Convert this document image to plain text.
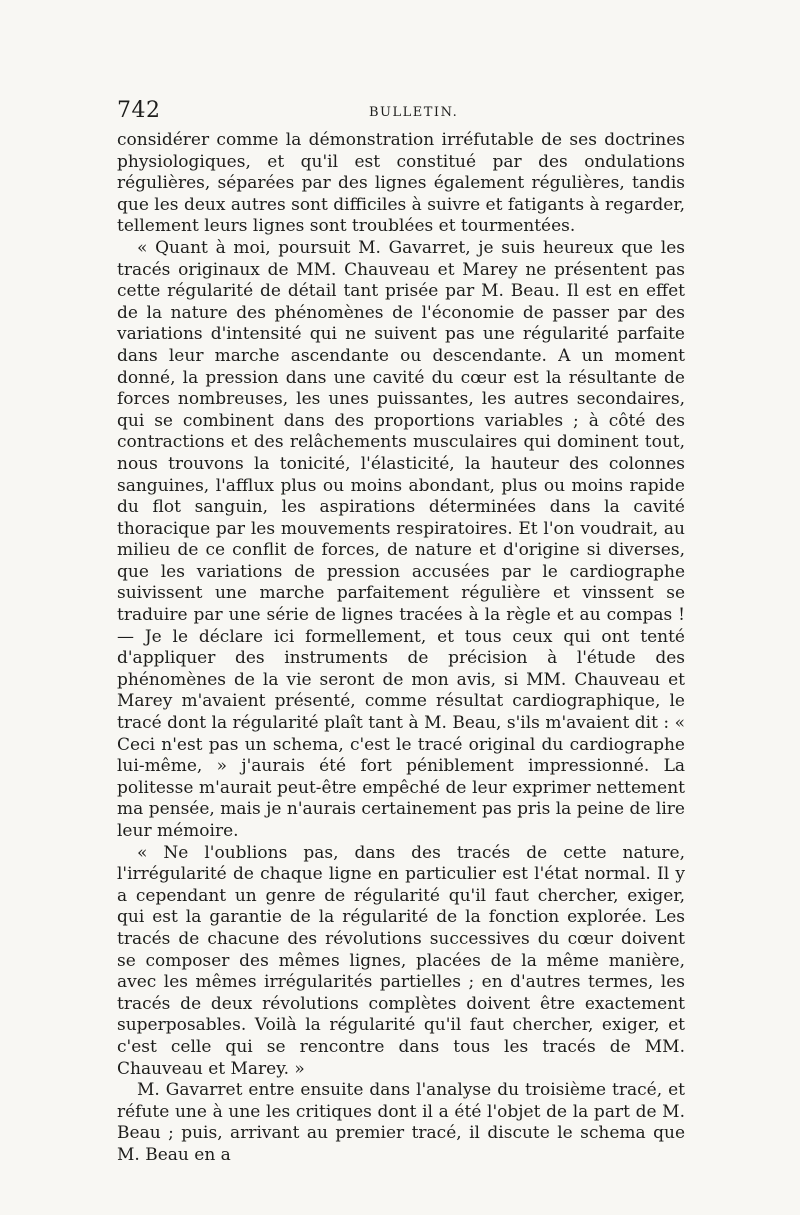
742	BULLETIN.

considérer comme la démonstration irréfutable de ses doctrines physiologiques, et qu'il est constitué par des ondulations régulières, séparées par des lignes également régulières, tandis que les deux autres sont difficiles à suivre et fatigants à regarder, tellement leurs lignes sont troublées et tourmentées.

« Quant à moi, poursuit M. Gavarret, je suis heureux que les tracés originaux de MM. Chauveau et Marey ne présentent pas cette régularité de détail tant prisée par M. Beau. Il est en effet de la nature des phénomènes de l'économie de passer par des variations d'intensité qui ne suivent pas une régularité parfaite dans leur marche ascendante ou descendante. A un moment donné, la pression dans une cavité du cœur est la résultante de forces nombreuses, les unes puissantes, les autres secondaires, qui se combinent dans des proportions variables ; à côté des contractions et des relâchements musculaires qui dominent tout, nous trouvons la tonicité, l'élasticité, la hauteur des colonnes sanguines, l'afflux plus ou moins abondant, plus ou moins rapide du flot sanguin, les aspirations déterminées dans la cavité thoracique par les mouvements respiratoires. Et l'on voudrait, au milieu de ce conflit de forces, de nature et d'origine si diverses, que les variations de pression accusées par le cardiographe suivissent une marche parfaitement régulière et vinssent se traduire par une série de lignes tracées à la règle et au compas ! — Je le déclare ici formellement, et tous ceux qui ont tenté d'appliquer des instruments de précision à l'étude des phénomènes de la vie seront de mon avis, si MM. Chauveau et Marey m'avaient présenté, comme résultat cardiographique, le tracé dont la régularité plaît tant à M. Beau, s'ils m'avaient dit : « Ceci n'est pas un schema, c'est le tracé original du cardiographe lui-même, » j'aurais été fort péniblement impressionné. La politesse m'aurait peut-être empêché de leur exprimer nettement ma pensée, mais je n'aurais certainement pas pris la peine de lire leur mémoire.

« Ne l'oublions pas, dans des tracés de cette nature, l'irrégularité de chaque ligne en particulier est l'état normal. Il y a cependant un genre de régularité qu'il faut chercher, exiger, qui est la garantie de la régularité de la fonction explorée. Les tracés de chacune des révolutions successives du cœur doivent se composer des mêmes lignes, placées de la même manière, avec les mêmes irrégularités partielles ; en d'autres termes, les tracés de deux révolutions complètes doivent être exactement superposables. Voilà la régularité qu'il faut chercher, exiger, et c'est celle qui se rencontre dans tous les tracés de MM. Chauveau et Marey. »

M. Gavarret entre ensuite dans l'analyse du troisième tracé, et réfute une à une les critiques dont il a été l'objet de la part de M. Beau ; puis, arrivant au premier tracé, il discute le schema que M. Beau en a
